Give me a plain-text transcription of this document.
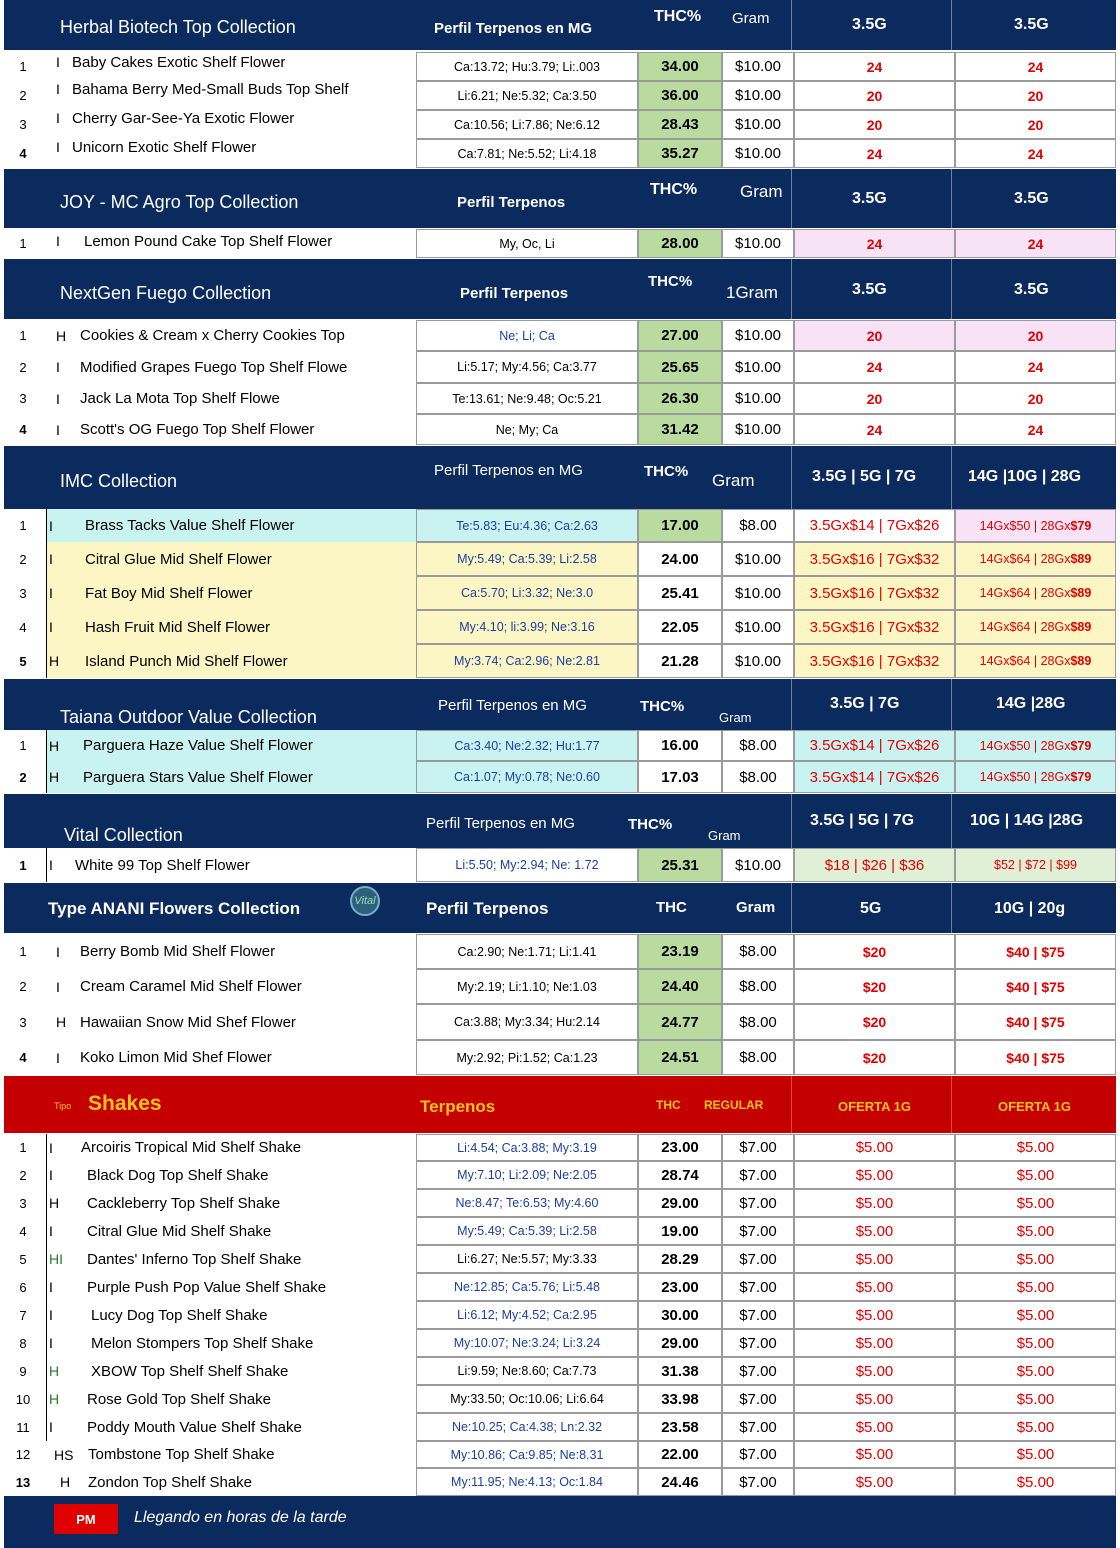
Herbal Biotech Top Collection	Perfil Terpenos en MG
THC% Gram	3.5G	3.5G
1	I Baby Cakes Exotic Shelf Flower	Ca:13.72; Hu:3.79; Li:.003	34.00	$10.00	24	24
2	I Bahama Berry Med-Small Buds Top Shelf	Li:6.21; Ne:5.32; Ca:3.50	36.00	$10.00	20	20
3	I Cherry Gar-See-Ya Exotic Flower	Ca:10.56; Li:7.86; Ne:6.12	28.43	$10.00	20	20
4	I Unicorn Exotic Shelf Flower	Ca:7.81; Ne:5.52; Li:4.18	35.27	$10.00	24	24
JOY - MC Agro Top Collection	Perfil Terpenos
THC%	Gram	3.5G	3.5G
1	I	Lemon Pound Cake Top Shelf Flower	My, Oc, Li	28.00	$10.00	24	24
NextGen Fuego Collection	Perfil Terpenos
THC%
1Gram	3.5G	3.5G
1	H Cookies & Cream x Cherry Cookies Top	Ne; Li; Ca	27.00	$10.00	20	20
2	I	Modified Grapes Fuego Top Shelf Flowe	Li:5.17; My:4.56; Ca:3.77	25.65	$10.00	24	24
3	I	Jack La Mota Top Shelf Flowe	Te:13.61; Ne:9.48; Oc:5.21	26.30	$10.00	20	20
4	I	Scott's OG Fuego Top Shelf Flower	Ne; My; Ca	31.42	$10.00	24	24
IMC Collection
Perfil Terpenos en MG	THC% Gram	3.5G | 5G | 7G	14G |10G | 28G
1	I	Brass Tacks Value Shelf Flower	Te:5.83; Eu:4.36; Ca:2.63	17.00	$8.00	3.5Gx$14 | 7Gx$26	14Gx$50 | 28Gx $79
2	I	Citral Glue Mid Shelf Flower	My:5.49; Ca:5.39; Li:2.58	24.00	$10.00	3.5Gx$16 | 7Gx$32	14Gx$64 | 28Gx $89
3	I	Fat Boy Mid Shelf Flower	Ca:5.70; Li:3.32; Ne:3.0	25.41	$10.00	3.5Gx$16 | 7Gx$32	14Gx$64 | 28Gx $89
4	I	Hash Fruit Mid Shelf Flower	My:4.10; li:3.99; Ne:3.16	22.05	$10.00	3.5Gx$16 | 7Gx$32	14Gx$64 | 28Gx $89
5	H	Island Punch Mid Shelf Flower	My:3.74; Ca:2.96; Ne:2.81	21.28	$10.00	3.5Gx$16 | 7Gx$32	14Gx$64 | 28Gx $89
Taiana Outdoor Value Collection
Perfil Terpenos en MG	THC%
Gram
3.5G | 7G	14G |28G
1	H	Parguera Haze Value Shelf Flower	Ca:3.40; Ne:2.32; Hu:1.77	16.00	$8.00	3.5Gx$14 | 7Gx$26	14Gx$50 | 28Gx $79
2	H	Parguera Stars Value Shelf Flower	Ca:1.07; My:0.78; Ne:0.60	17.03	$8.00	3.5Gx$14 | 7Gx$26	14Gx$50 | 28Gx $79
Vital Collection
Perfil Terpenos en MG	THC%
Gram
3.5G | 5G | 7G	10G | 14G |28G
1	I	White 99 Top Shelf Flower	Li:5.50; My:2.94; Ne: 1.72	25.31	$10.00	$18 | $26 | $36	$52 | $72 | $99
Type ANANI Flowers Collection	Vital	Perfil Terpenos	THC	Gram	5G	10G | 20g
1	I	Berry Bomb Mid Shelf Flower	Ca:2.90; Ne:1.71; Li:1.41	23.19	$8.00	$20	$40 | $75
2	I	Cream Caramel Mid Shelf Flower	My:2.19; Li:1.10; Ne:1.03	24.40	$8.00	$20	$40 | $75
3	H Hawaiian Snow Mid Shef Flower	Ca:3.88; My:3.34; Hu:2.14	24.77	$8.00	$20	$40 | $75
4	I	Koko Limon Mid Shef Flower	My:2.92; Pi:1.52; Ca:1.23	24.51	$8.00	$20	$40 | $75
Tipo Shakes	Terpenos	THC REGULAR	OFERTA 1G	OFERTA 1G
1	I	Arcoiris Tropical Mid Shelf Shake	Li:4.54; Ca:3.88; My:3.19	23.00	$7.00	$5.00	$5.00
2	I	Black Dog Top Shelf Shake	My:7.10; Li:2.09; Ne:2.05	28.74	$7.00	$5.00	$5.00
3	H	Cackleberry Top Shelf Shake	Ne:8.47; Te:6.53; My:4.60	29.00	$7.00	$5.00	$5.00
4	I	Citral Glue Mid Shelf Shake	My:5.49; Ca:5.39; Li:2.58	19.00	$7.00	$5.00	$5.00
5	HI	Dantes' Inferno Top Shelf Shake	Li:6.27; Ne:5.57; My:3.33	28.29	$7.00	$5.00	$5.00
6	I	Purple Push Pop Value Shelf Shake	Ne:12.85; Ca:5.76; Li:5.48	23.00	$7.00	$5.00	$5.00
7	I	Lucy Dog Top Shelf Shake	Li:6.12; My:4.52; Ca:2.95	30.00	$7.00	$5.00	$5.00
8	I	Melon Stompers Top Shelf Shake	My:10.07; Ne:3.24; Li:3.24	29.00	$7.00	$5.00	$5.00
9	H	XBOW Top Shelf Shelf Shake	Li:9.59; Ne:8.60; Ca:7.73	31.38	$7.00	$5.00	$5.00
10	H	Rose Gold Top Shelf Shake	My:33.50; Oc:10.06; Li:6.64	33.98	$7.00	$5.00	$5.00
11	I	Poddy Mouth Value Shelf Shake	Ne:10.25; Ca:4.38; Ln:2.32	23.58	$7.00	$5.00	$5.00
12	HS Tombstone Top Shelf Shake	My:10.86; Ca:9.85; Ne:8.31	22.00	$7.00	$5.00	$5.00
13	H	Zondon Top Shelf Shake	My:11.95; Ne:4.13; Oc:1.84	24.46	$7.00	$5.00	$5.00
PM	Llegando en horas de la tarde
